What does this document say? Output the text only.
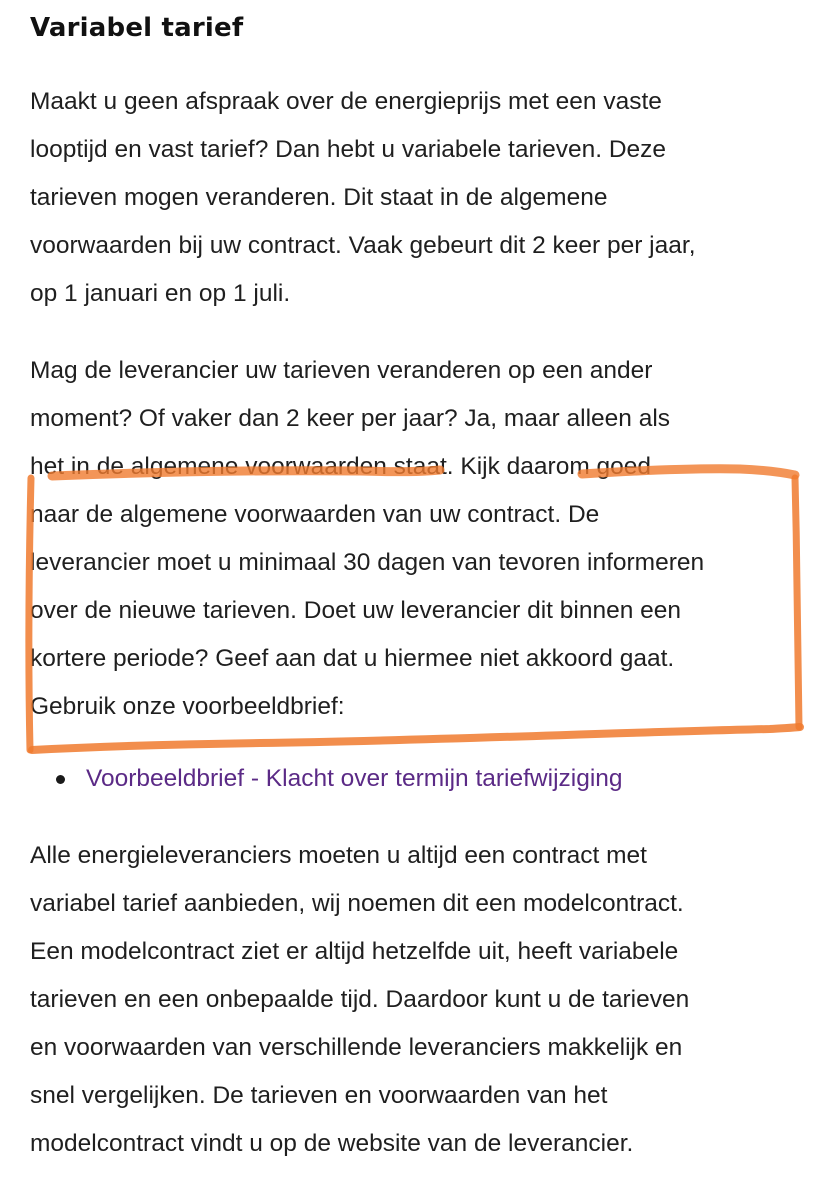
Variabel tarief

Maakt u geen afspraak over de energieprijs met een vaste
looptijd en vast tarief? Dan hebt u variabele tarieven. Deze
tarieven mogen veranderen. Dit staat in de algemene
voorwaarden bij uw contract. Vaak gebeurt dit 2 keer per jaar,
op 1 januari en op 1 juli.

Mag de leverancier uw tarieven veranderen op een ander
moment? Of vaker dan 2 keer per jaar? Ja, maar alleen als
het in de algemene voorwaarden staat. Kijk daarom goed
naar de algemene voorwaarden van uw contract. De
leverancier moet u minimaal 30 dagen van tevoren informeren
over de nieuwe tarieven. Doet uw leverancier dit binnen een
kortere periode? Geef aan dat u hiermee niet akkoord gaat.
Gebruik onze voorbeeldbrief:

Voorbeeldbrief - Klacht over termijn tariefwijziging

Alle energieleveranciers moeten u altijd een contract met
variabel tarief aanbieden, wij noemen dit een modelcontract.
Een modelcontract ziet er altijd hetzelfde uit, heeft variabele
tarieven en een onbepaalde tijd. Daardoor kunt u de tarieven
en voorwaarden van verschillende leveranciers makkelijk en
snel vergelijken. De tarieven en voorwaarden van het
modelcontract vindt u op de website van de leverancier.
